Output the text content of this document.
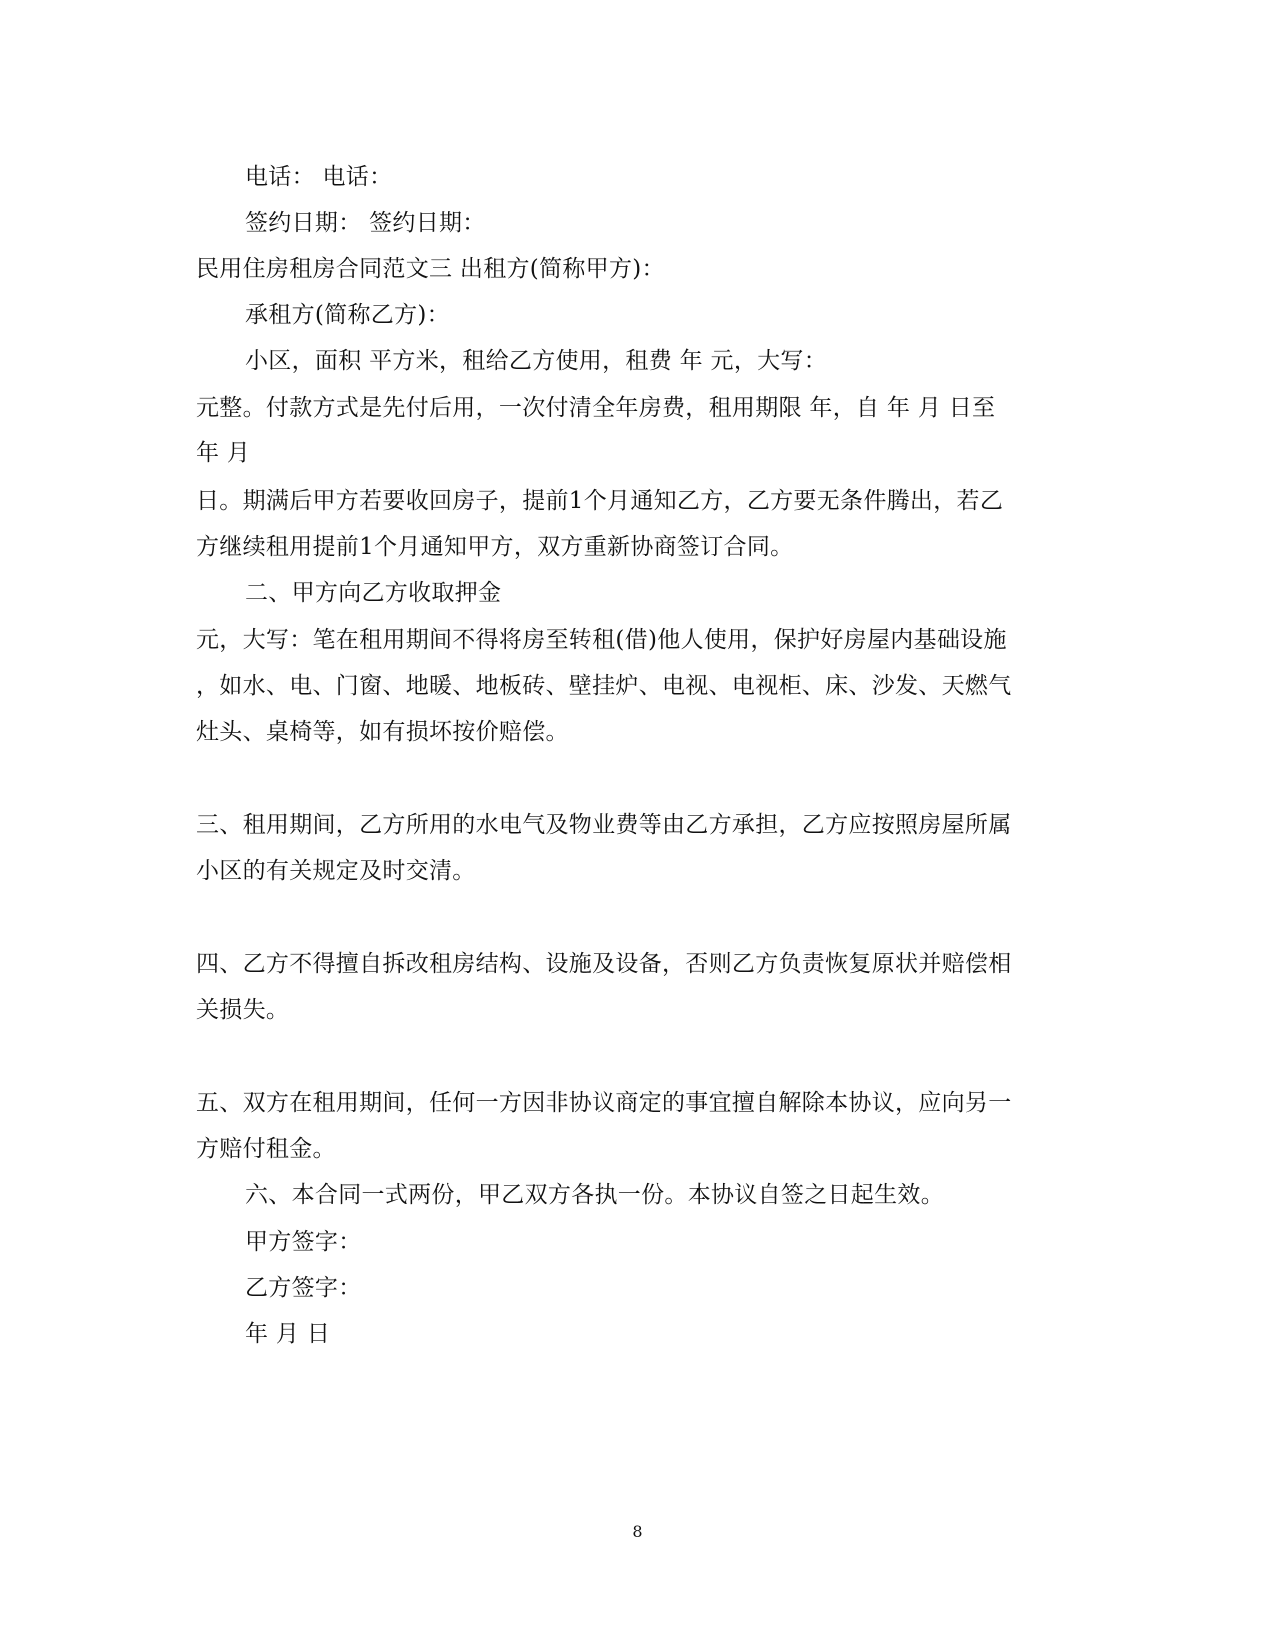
电话： 电话：
签约日期： 签约日期：
民用住房租房合同范文三 出租方(简称甲方)：
承租方(简称乙方)：
小区，面积 平方米，租给乙方使用，租费 年 元，大写：
元整。付款方式是先付后用，一次付清全年房费，租用期限 年，自 年 月 日至
年 月
日。期满后甲方若要收回房子，提前1个月通知乙方，乙方要无条件腾出，若乙
方继续租用提前1个月通知甲方，双方重新协商签订合同。
二、甲方向乙方收取押金
元，大写：笔在租用期间不得将房至转租(借)他人使用，保护好房屋内基础设施
，如水、电、门窗、地暖、地板砖、壁挂炉、电视、电视柜、床、沙发、天燃气
灶头、桌椅等，如有损坏按价赔偿。
三、租用期间，乙方所用的水电气及物业费等由乙方承担，乙方应按照房屋所属
小区的有关规定及时交清。
四、乙方不得擅自拆改租房结构、设施及设备，否则乙方负责恢复原状并赔偿相
关损失。
五、双方在租用期间，任何一方因非协议商定的事宜擅自解除本协议，应向另一
方赔付租金。
六、本合同一式两份，甲乙双方各执一份。本协议自签之日起生效。
甲方签字：
乙方签字：
年 月 日
8
